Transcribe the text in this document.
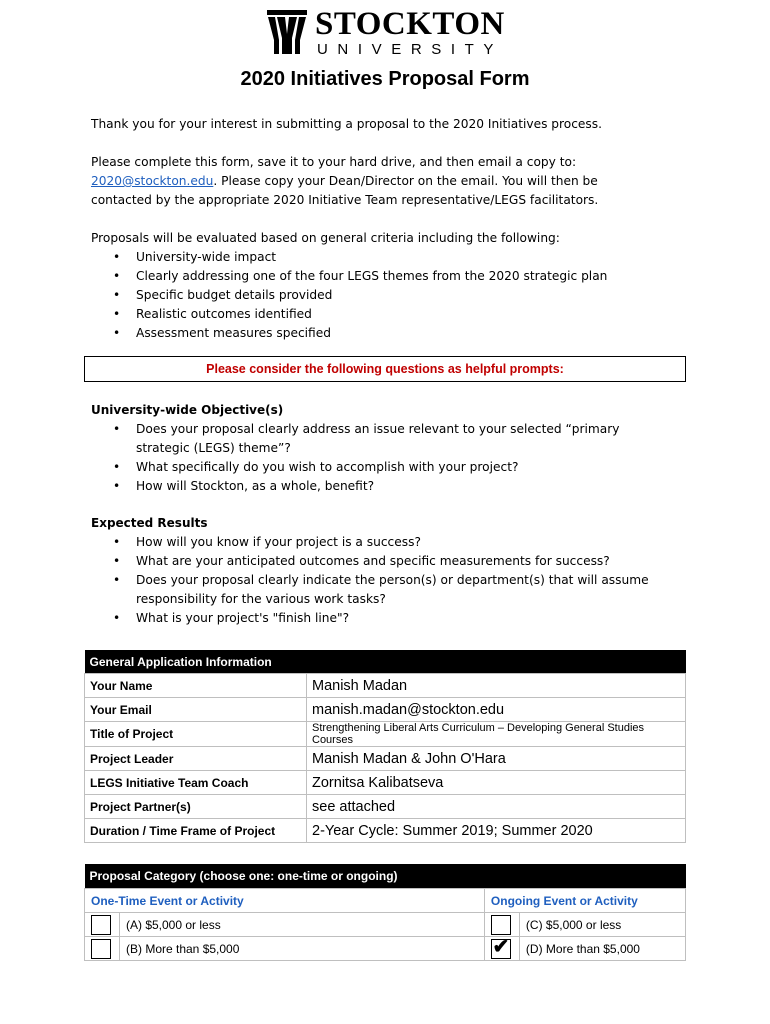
STOCKTON
UNIVERSITY
2020 Initiatives Proposal Form

Thank you for your interest in submitting a proposal to the 2020 Initiatives process.

Please complete this form, save it to your hard drive, and then email a copy to:
2020@stockton.edu. Please copy your Dean/Director on the email. You will then be contacted by the appropriate 2020 Initiative Team representative/LEGS facilitators.

Proposals will be evaluated based on general criteria including the following:

• University-wide impact
• Clearly addressing one of the four LEGS themes from the 2020 strategic plan
• Specific budget details provided
• Realistic outcomes identified
• Assessment measures specified
Please consider the following questions as helpful prompts:
University-wide Objective(s)
• Does your proposal clearly address an issue relevant to your selected “primary strategic (LEGS) theme”?
• What specifically do you wish to accomplish with your project?
• How will Stockton, as a whole, benefit?
Expected Results
• How will you know if your project is a success?
• What are your anticipated outcomes and specific measurements for success?
• Does your proposal clearly indicate the person(s) or department(s) that will assume responsibility for the various work tasks?
• What is your project's "finish line"?
General Application Information	
Your Name	Manish Madan
Your Email	manish.madan@stockton.edu
Title of Project	Strengthening Liberal Arts Curriculum – Developing General Studies Courses
Project Leader	Manish Madan & John O'Hara
LEGS Initiative Team Coach	Zornitsa Kalibatseva
Project Partner(s)	see attached
Duration / Time Frame of Project	2-Year Cycle: Summer 2019; Summer 2020
Proposal Category (choose one: one-time or ongoing)			
One-Time Event or Activity		Ongoing Event or Activity	
	(A) $5,000 or less		(C) $5,000 or less
	(B) More than $5,000	✔	(D) More than $5,000
